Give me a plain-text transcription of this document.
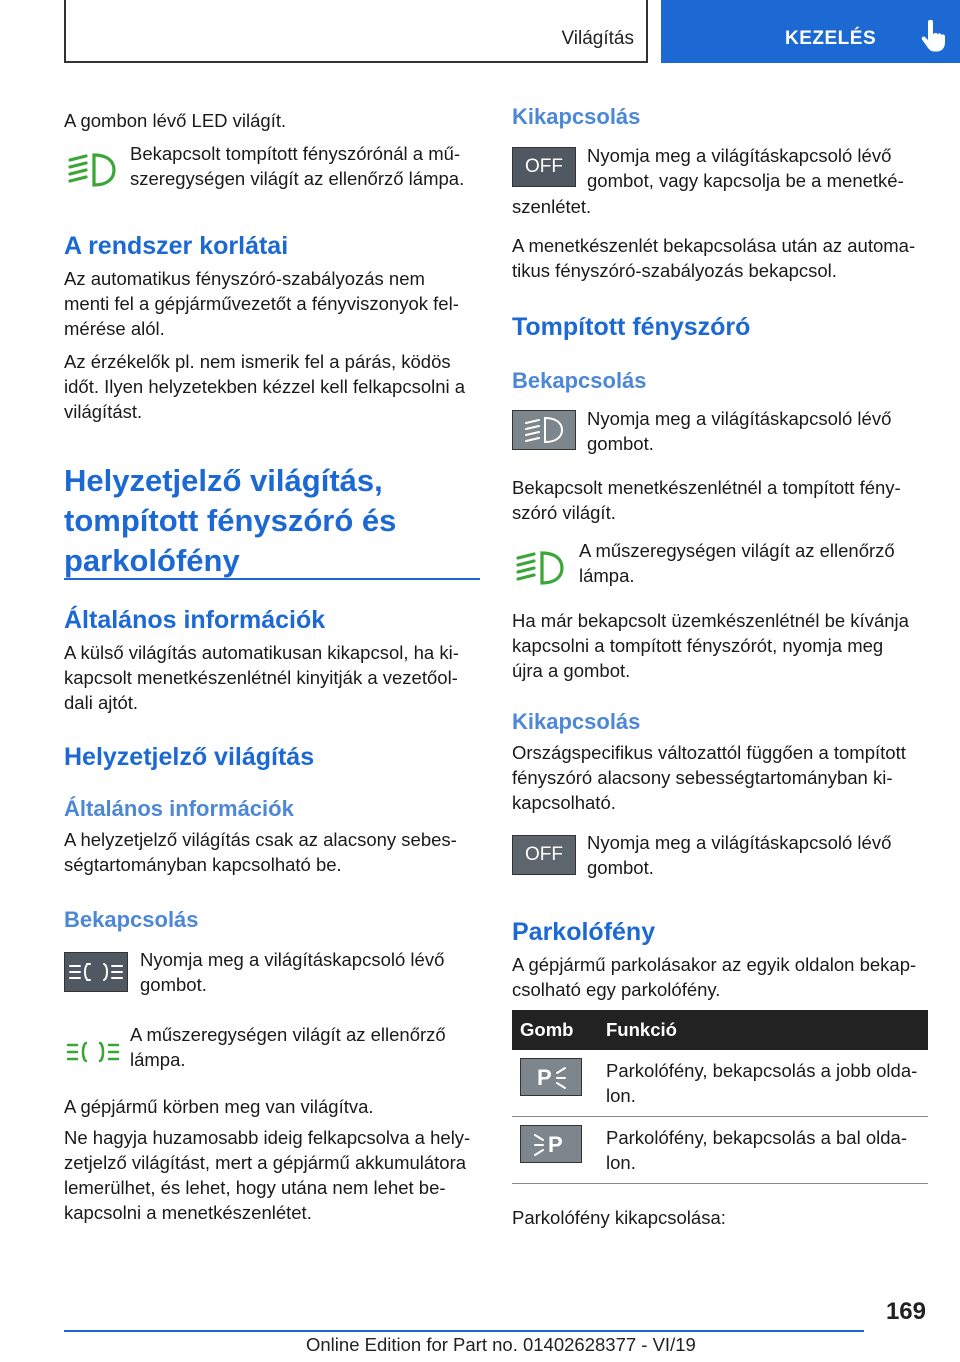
Világítás	KEZELÉS

A gombon lévő LED világít.

Bekapcsolt tompított fényszórónál a mű-

szeregységen világít az ellenőrző lámpa.

A rendszer korlátai

Az automatikus fényszóró-szabályozás nem

menti fel a gépjárművezetőt a fényviszonyok fel-

mérése alól.

Az érzékelők pl. nem ismerik fel a párás, ködös

időt. Ilyen helyzetekben kézzel kell felkapcsolni a

világítást.

Helyzetjelző világítás,
tompított fényszóró és
parkolófény
Általános információk

A külső világítás automatikusan kikapcsol, ha ki-

kapcsolt menetkészenlétnél kinyitják a vezetőol-

dali ajtót.

Helyzetjelző világítás
Általános információk

A helyzetjelző világítás csak az alacsony sebes-

ségtartományban kapcsolható be.

Bekapcsolás

Nyomja meg a világításkapcsoló lévő

gombot.

A műszeregységen világít az ellenőrző

lámpa.

A gépjármű körben meg van világítva.

Ne hagyja huzamosabb ideig felkapcsolva a hely-

zetjelző világítást, mert a gépjármű akkumulátora

lemerülhet, és lehet, hogy utána nem lehet be-

kapcsolni a menetkészenlétet.

Kikapcsolás
OFF

Nyomja meg a világításkapcsoló lévő

gombot, vagy kapcsolja be a menetké-

szenlétet.

A menetkészenlét bekapcsolása után az automa-

tikus fényszóró-szabályozás bekapcsol.

Tompított fényszóró
Bekapcsolás

Nyomja meg a világításkapcsoló lévő

gombot.

Bekapcsolt menetkészenlétnél a tompított fény-

szóró világít.

A műszeregységen világít az ellenőrző

lámpa.

Ha már bekapcsolt üzemkészenlétnél be kívánja

kapcsolni a tompított fényszórót, nyomja meg

újra a gombot.

Kikapcsolás

Országspecifikus változattól függően a tompított

fényszóró alacsony sebességtartományban ki-

kapcsolható.

OFF

Nyomja meg a világításkapcsoló lévő

gombot.

Parkolófény

A gépjármű parkolásakor az egyik oldalon bekap-

csolható egy parkolófény.

Gomb	Funkció

P	Parkolófény, bekapcsolás a jobb olda-
lon.

P	Parkolófény, bekapcsolás a bal olda-
lon.

Parkolófény kikapcsolása:

169
Online Edition for Part no. 01402628377 - VI/19
